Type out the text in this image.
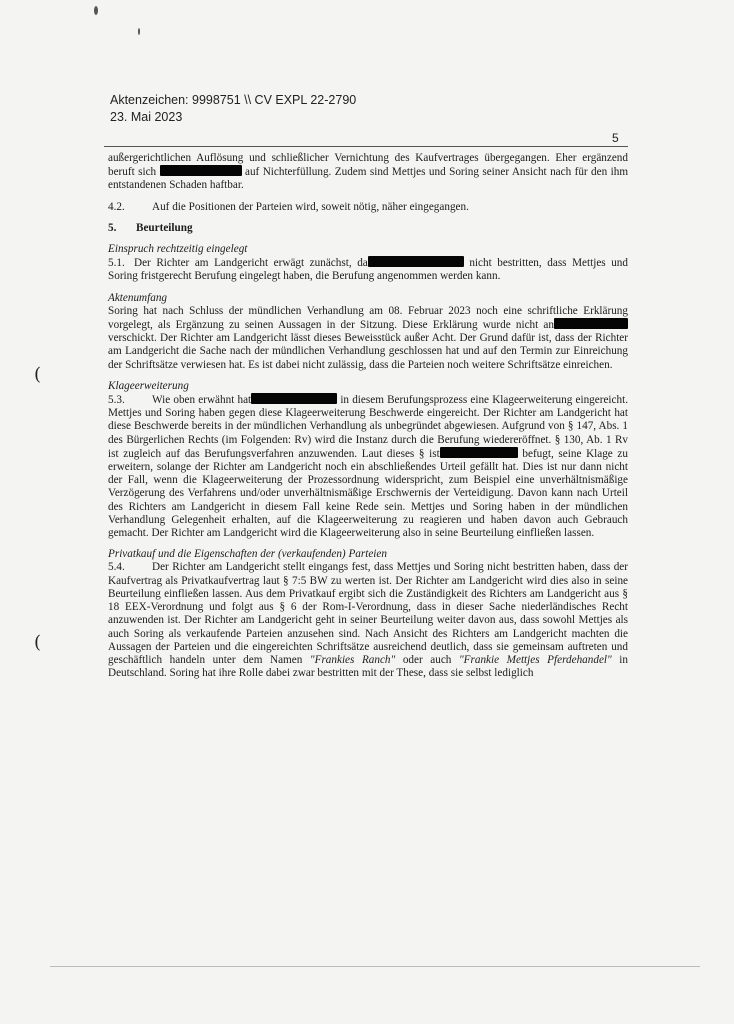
Aktenzeichen: 9998751 \\ CV EXPL 22-2790
23. Mai 2023
5

außergerichtlichen Auflösung und schließlicher Vernichtung des Kaufvertrages übergegangen. Eher ergänzend beruft sich	auf Nichterfüllung. Zudem sind Mettjes und Soring seiner Ansicht nach für den ihm entstandenen Schaden haftbar.

4.2. Auf die Positionen der Parteien wird, soweit nötig, näher eingegangen.

5. Beurteilung

Einspruch rechtzeitig eingelegt

5.1. Der Richter am Landgericht erwägt zunächst, da	nicht bestritten, dass Mettjes und Soring fristgerecht Berufung eingelegt haben, die Berufung angenommen werden kann.

Aktenumfang

Soring hat nach Schluss der mündlichen Verhandlung am 08. Februar 2023 noch eine schriftliche Erklärung vorgelegt, als Ergänzung zu seinen Aussagen in der Sitzung. Diese Erklärung wurde nicht an verschickt. Der Richter am Landgericht lässt dieses Beweisstück außer Acht. Der Grund dafür ist, dass der Richter am Landgericht die Sache nach der mündlichen Verhandlung geschlossen hat und auf den Termin zur Einreichung der Schriftsätze verwiesen hat. Es ist dabei nicht zulässig, dass die Parteien noch weitere Schriftsätze einreichen.

Klageerweiterung

5.3. Wie oben erwähnt hat	in diesem Berufungsprozess eine Klageerweiterung eingereicht. Mettjes und Soring haben gegen diese Klageerweiterung Beschwerde eingereicht. Der Richter am Landgericht hat diese Beschwerde bereits in der mündlichen Verhandlung als unbegründet abgewiesen. Aufgrund von § 147, Abs. 1 des Bürgerlichen Rechts (im Folgenden: Rv) wird die Instanz durch die Berufung wiedereröffnet. § 130, Ab. 1 Rv ist zugleich auf das Berufungsverfahren anzuwenden. Laut dieses § ist	befugt, seine Klage zu erweitern, solange der Richter am Landgericht noch ein abschließendes Urteil gefällt hat. Dies ist nur dann nicht der Fall, wenn die Klageerweiterung der Prozessordnung widerspricht, zum Beispiel eine unverhältnismäßige Verzögerung des Verfahrens und/oder unverhältnismäßige Erschwernis der Verteidigung. Davon kann nach Urteil des Richters am Landgericht in diesem Fall keine Rede sein. Mettjes und Soring haben in der mündlichen Verhandlung Gelegenheit erhalten, auf die Klageerweiterung zu reagieren und haben davon auch Gebrauch gemacht. Der Richter am Landgericht wird die Klageerweiterung also in seine Beurteilung einfließen lassen.

Privatkauf und die Eigenschaften der (verkaufenden) Parteien

5.4. Der Richter am Landgericht stellt eingangs fest, dass Mettjes und Soring nicht bestritten haben, dass der Kaufvertrag als Privatkaufvertrag laut § 7:5 BW zu werten ist. Der Richter am Landgericht wird dies also in seine Beurteilung einfließen lassen. Aus dem Privatkauf ergibt sich die Zuständigkeit des Richters am Landgericht aus § 18 EEX-Verordnung und folgt aus § 6 der Rom-I-Verordnung, dass in dieser Sache niederländisches Recht anzuwenden ist. Der Richter am Landgericht geht in seiner Beurteilung weiter davon aus, dass sowohl Mettjes als auch Soring als verkaufende Parteien anzusehen sind. Nach Ansicht des Richters am Landgericht machten die Aussagen der Parteien und die eingereichten Schriftsätze ausreichend deutlich, dass sie gemeinsam auftreten und geschäftlich handeln unter dem Namen "Frankies Ranch" oder auch "Frankie Mettjes Pferdehandel" in Deutschland. Soring hat ihre Rolle dabei zwar bestritten mit der These, dass sie selbst lediglich

(
(
